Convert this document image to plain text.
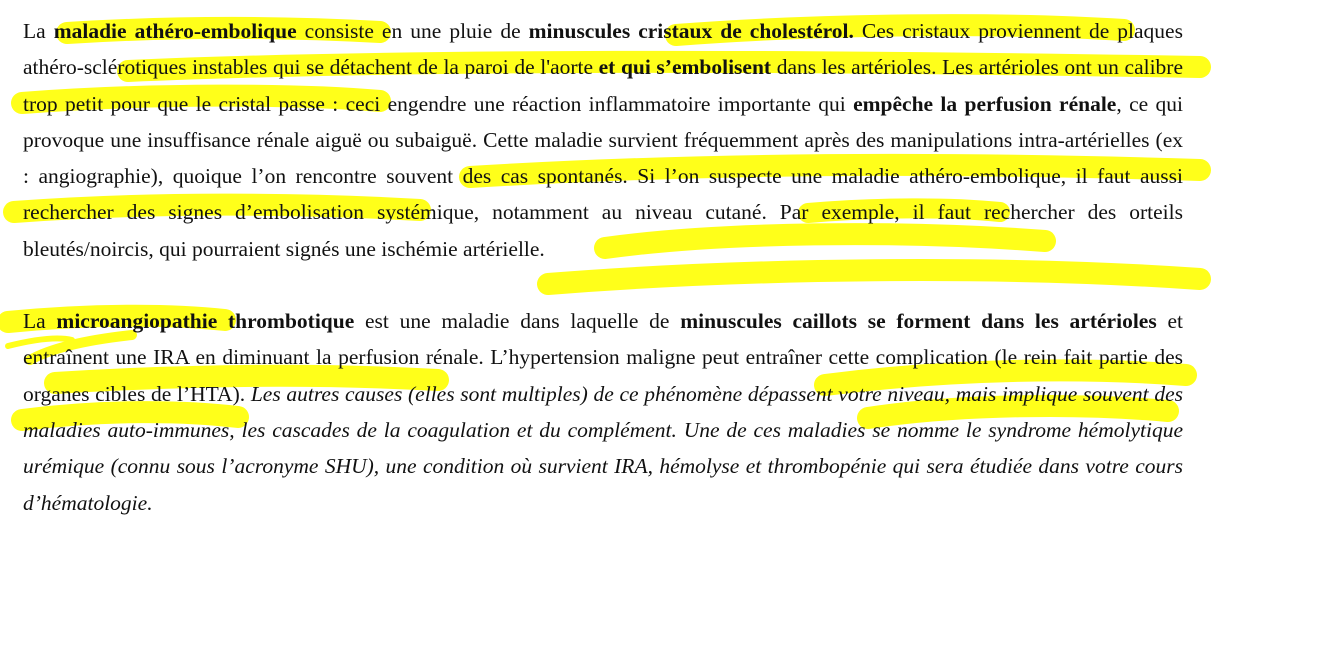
La maladie athéro-embolique consiste en une pluie de minuscules cristaux de cholestérol. Ces cristaux proviennent de plaques athéro-sclérotiques instables qui se détachent de la paroi de l'aorte et qui s’embolisent dans les artérioles. Les artérioles ont un calibre trop petit pour que le cristal passe : ceci engendre une réaction inflammatoire importante qui empêche la perfusion rénale, ce qui provoque une insuffisance rénale aiguë ou subaiguë. Cette maladie survient fréquemment après des manipulations intra-artérielles (ex : angiographie), quoique l’on rencontre souvent des cas spontanés. Si l’on suspecte une maladie athéro-embolique, il faut aussi rechercher des signes d’embolisation systémique, notamment au niveau cutané. Par exemple, il faut rechercher des orteils bleutés/noircis, qui pourraient signés une ischémie artérielle.

La microangiopathie thrombotique est une maladie dans laquelle de minuscules caillots se forment dans les artérioles et entraînent une IRA en diminuant la perfusion rénale. L’hypertension maligne peut entraîner cette complication (le rein fait partie des organes cibles de l’HTA). Les autres causes (elles sont multiples) de ce phénomène dépassent votre niveau, mais implique souvent des maladies auto-immunes, les cascades de la coagulation et du complément. Une de ces maladies se nomme le syndrome hémolytique urémique (connu sous l’acronyme SHU), une condition où survient IRA, hémolyse et thrombopénie qui sera étudiée dans votre cours d’hématologie.
